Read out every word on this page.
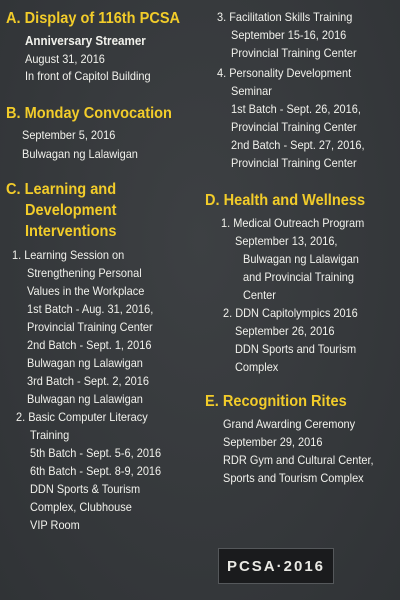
A. Display of 116th PCSA
Anniversary Streamer
August 31, 2016
In front of Capitol Building
B. Monday Convocation
September 5, 2016
Bulwagan ng Lalawigan
C. Learning and
Development
Interventions
1. Learning Session on
Strengthening Personal
Values in the Workplace
1st Batch - Aug. 31, 2016,
Provincial Training Center
2nd Batch - Sept. 1, 2016
Bulwagan ng Lalawigan
3rd Batch - Sept. 2, 2016
Bulwagan ng Lalawigan
2. Basic Computer Literacy
Training
5th Batch - Sept. 5-6, 2016
6th Batch - Sept. 8-9, 2016
DDN Sports & Tourism
Complex, Clubhouse
VIP Room
3. Facilitation Skills Training
September 15-16, 2016
Provincial Training Center
4. Personality Development
Seminar
1st Batch - Sept. 26, 2016,
Provincial Training Center
2nd Batch - Sept. 27, 2016,
Provincial Training Center
D. Health and Wellness
1. Medical Outreach Program
September 13, 2016,
Bulwagan ng Lalawigan
and Provincial Training
Center
2. DDN Capitolympics 2016
September 26, 2016
DDN Sports and Tourism
Complex
E. Recognition Rites
Grand Awarding Ceremony
September 29, 2016
RDR Gym and Cultural Center,
Sports and Tourism Complex
PCSA·2016
